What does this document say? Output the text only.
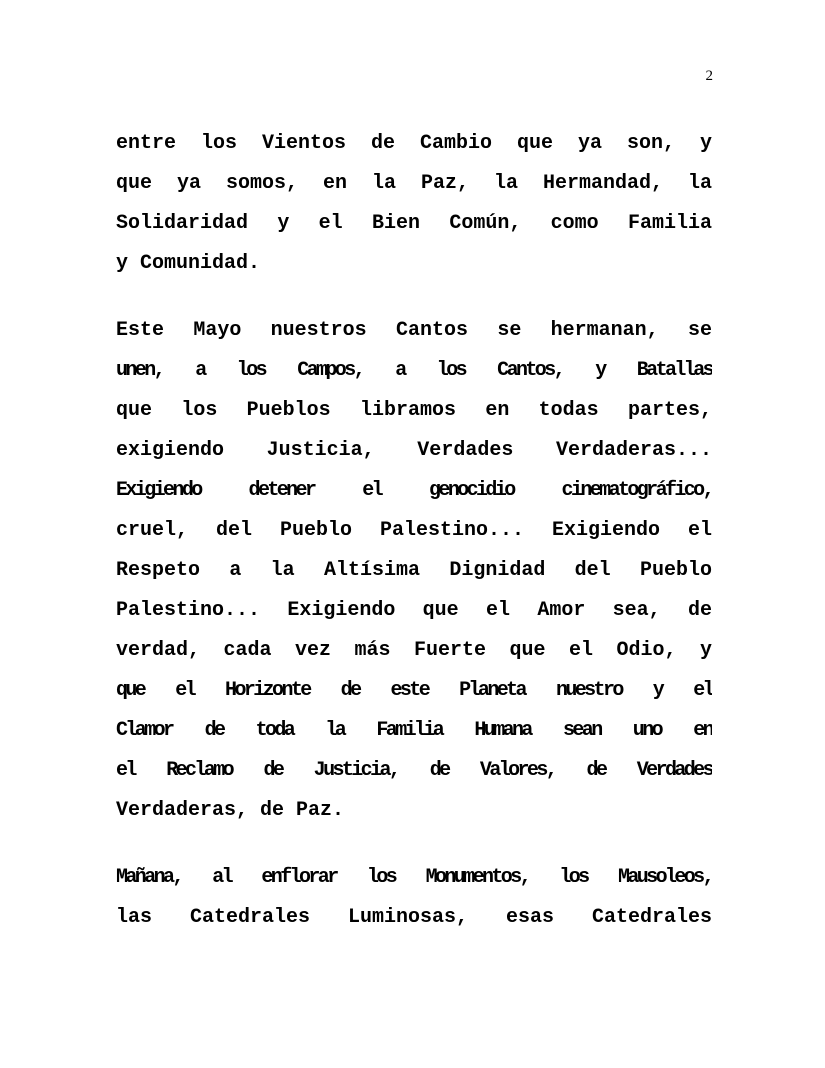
2
entre los Vientos de Cambio que ya son, y
que ya somos, en la Paz, la Hermandad, la
Solidaridad y el Bien Común, como Familia
y Comunidad.
Este Mayo nuestros Cantos se hermanan, se
unen, a los Campos, a los Cantos, y Batallas
que los Pueblos libramos en todas partes,
exigiendo Justicia, Verdades Verdaderas...
Exigiendo detener el genocidio cinematográfico,
cruel, del Pueblo Palestino... Exigiendo el
Respeto a la Altísima Dignidad del Pueblo
Palestino... Exigiendo que el Amor sea, de
verdad, cada vez más Fuerte que el Odio, y
que el Horizonte de este Planeta nuestro y el
Clamor de toda la Familia Humana sean uno en
el Reclamo de Justicia, de Valores, de Verdades
Verdaderas, de Paz.
Mañana, al enflorar los Monumentos, los Mausoleos,
las Catedrales Luminosas, esas Catedrales
